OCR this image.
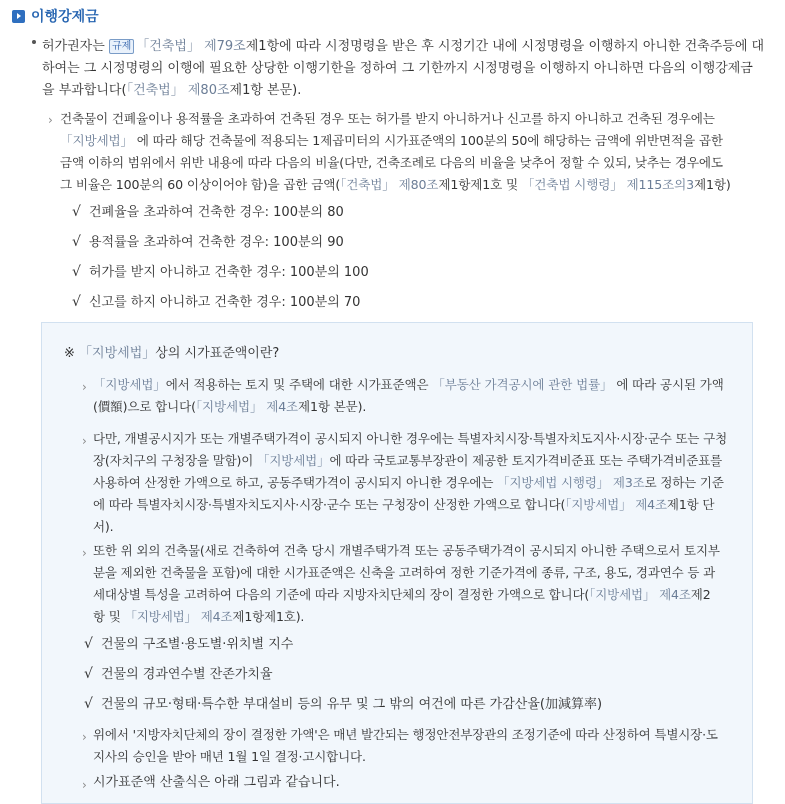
이행강제금

허가권자는 규제 「건축법」 제79조제1항에 따라 시정명령을 받은 후 시정기간 내에 시정명령을 이행하지 아니한 건축주등에 대

하여는 그 시정명령의 이행에 필요한 상당한 이행기한을 정하여 그 기한까지 시정명령을 이행하지 아니하면 다음의 이행강제금

을 부과합니다(「건축법」 제80조제1항 본문).

› 건축물이 건폐율이나 용적률을 초과하여 건축된 경우 또는 허가를 받지 아니하거나 신고를 하지 아니하고 건축된 경우에는

「지방세법」 에 따라 해당 건축물에 적용되는 1제곱미터의 시가표준액의 100분의 50에 해당하는 금액에 위반면적을 곱한

금액 이하의 범위에서 위반 내용에 따라 다음의 비율(다만, 건축조례로 다음의 비율을 낮추어 정할 수 있되, 낮추는 경우에도

그 비율은 100분의 60 이상이어야 함)을 곱한 금액(「건축법」 제80조제1항제1호 및 「건축법 시행령」 제115조의3제1항)

√ 건폐율을 초과하여 건축한 경우: 100분의 80
√ 용적률을 초과하여 건축한 경우: 100분의 90
√ 허가를 받지 아니하고 건축한 경우: 100분의 100
√ 신고를 하지 아니하고 건축한 경우: 100분의 70
※ 「지방세법」상의 시가표준액이란?
› 「지방세법」에서 적용하는 토지 및 주택에 대한 시가표준액은 「부동산 가격공시에 관한 법률」 에 따라 공시된 가액

(價額)으로 합니다(「지방세법」 제4조제1항 본문).

› 다만, 개별공시지가 또는 개별주택가격이 공시되지 아니한 경우에는 특별자치시장·특별자치도지사·시장·군수 또는 구청

장(자치구의 구청장을 말함)이 「지방세법」에 따라 국토교통부장관이 제공한 토지가격비준표 또는 주택가격비준표를

사용하여 산정한 가액으로 하고, 공동주택가격이 공시되지 아니한 경우에는 「지방세법 시행령」 제3조로 정하는 기준

에 따라 특별자치시장·특별자치도지사·시장·군수 또는 구청장이 산정한 가액으로 합니다(「지방세법」 제4조제1항 단

서).

› 또한 위 외의 건축물(새로 건축하여 건축 당시 개별주택가격 또는 공동주택가격이 공시되지 아니한 주택으로서 토지부

분을 제외한 건축물을 포함)에 대한 시가표준액은 신축을 고려하여 정한 기준가격에 종류, 구조, 용도, 경과연수 등 과

세대상별 특성을 고려하여 다음의 기준에 따라 지방자치단체의 장이 결정한 가액으로 합니다(「지방세법」 제4조제2

항 및 「지방세법」 제4조제1항제1호).

√ 건물의 구조별·용도별·위치별 지수
√ 건물의 경과연수별 잔존가치율
√ 건물의 규모·형태·특수한 부대설비 등의 유무 및 그 밖의 여건에 따른 가감산율(加減算率)
› 위에서 '지방자치단체의 장이 결정한 가액'은 매년 발간되는 행정안전부장관의 조정기준에 따라 산정하여 특별시장·도

지사의 승인을 받아 매년 1월 1일 결정·고시합니다.

› 시가표준액 산출식은 아래 그림과 같습니다.
